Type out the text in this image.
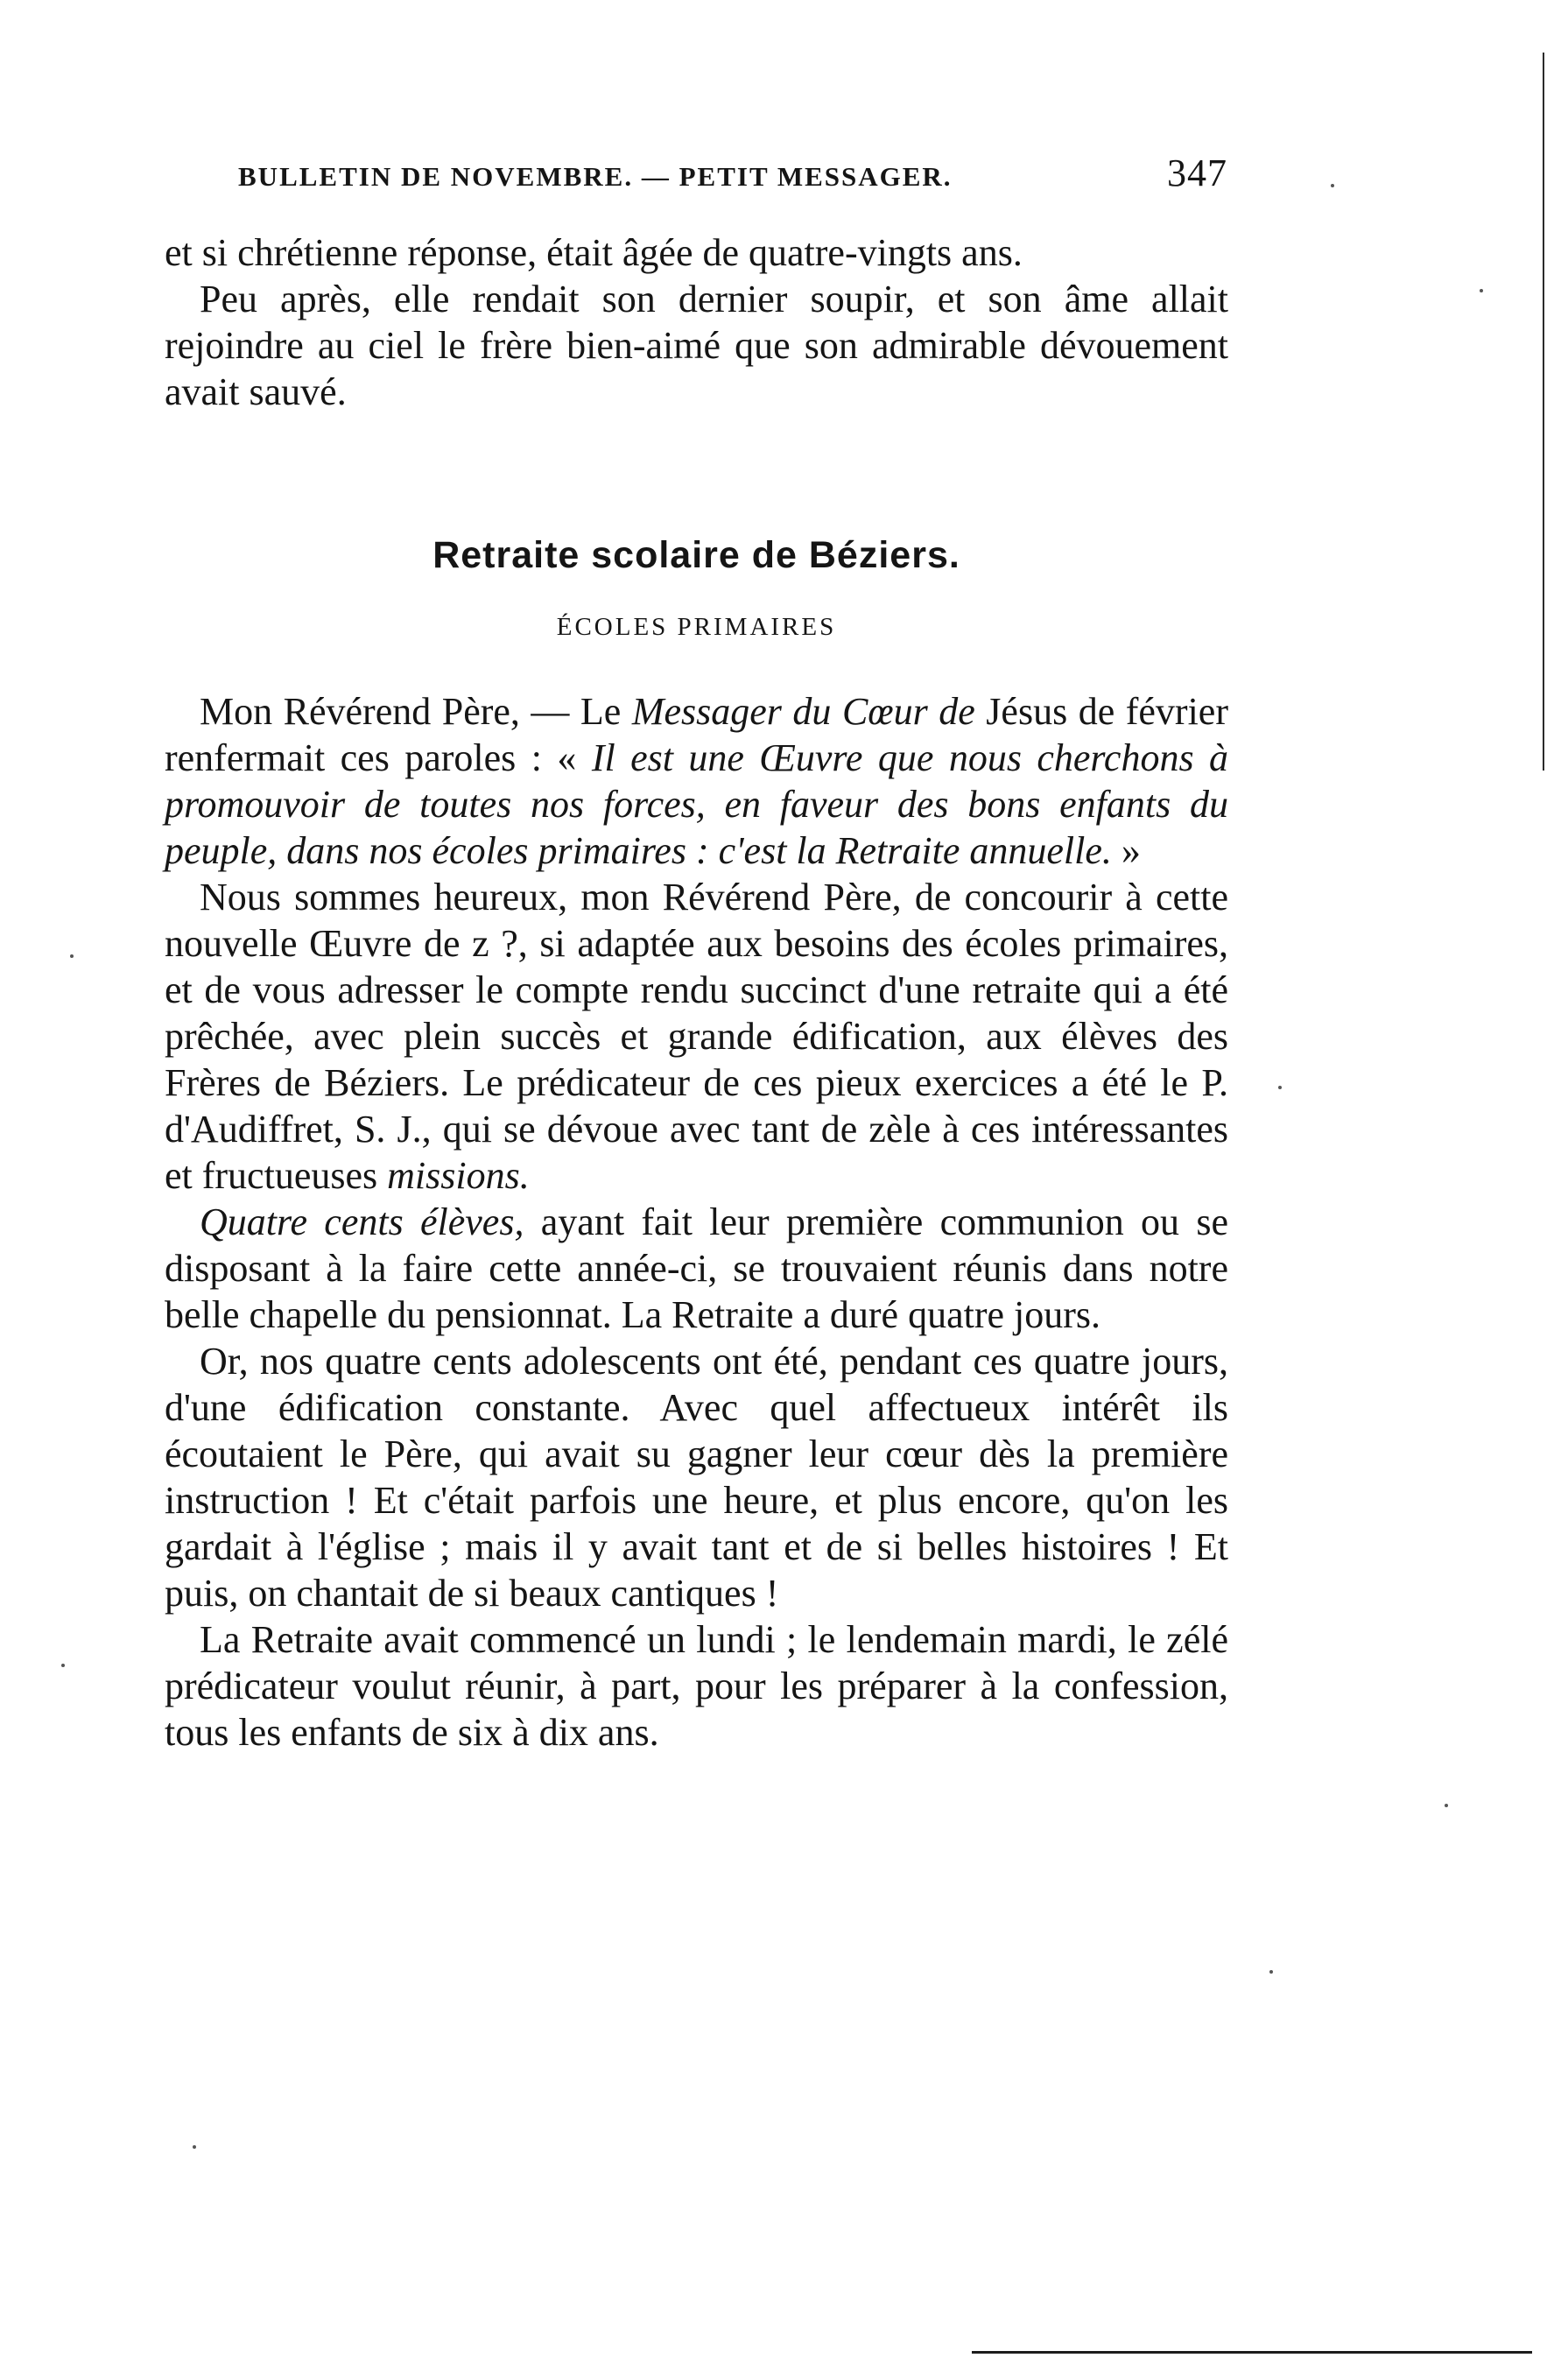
BULLETIN DE NOVEMBRE. — PETIT MESSAGER.	347

et si chrétienne réponse, était âgée de quatre-vingts ans.

Peu après, elle rendait son dernier soupir, et son âme allait rejoindre au ciel le frère bien-aimé que son admirable dévouement avait sauvé.

Retraite scolaire de Béziers.
ÉCOLES PRIMAIRES

Mon Révérend Père, — Le Messager du Cœur de Jésus de février renfermait ces paroles : « Il est une Œuvre que nous cherchons à promouvoir de toutes nos forces, en faveur des bons enfants du peuple, dans nos écoles primaires : c'est la Retraite annuelle. »

Nous sommes heureux, mon Révérend Père, de concourir à cette nouvelle Œuvre de z ?, si adaptée aux besoins des écoles primaires, et de vous adresser le compte rendu succinct d'une retraite qui a été prêchée, avec plein succès et grande édification, aux élèves des Frères de Béziers. Le prédicateur de ces pieux exercices a été le P. d'Audiffret, S. J., qui se dévoue avec tant de zèle à ces intéressantes et fructueuses missions.

Quatre cents élèves, ayant fait leur première communion ou se disposant à la faire cette année-ci, se trouvaient réunis dans notre belle chapelle du pensionnat. La Retraite a duré quatre jours.

Or, nos quatre cents adolescents ont été, pendant ces quatre jours, d'une édification constante. Avec quel affectueux intérêt ils écoutaient le Père, qui avait su gagner leur cœur dès la première instruction ! Et c'était parfois une heure, et plus encore, qu'on les gardait à l'église ; mais il y avait tant et de si belles histoires ! Et puis, on chantait de si beaux cantiques !

La Retraite avait commencé un lundi ; le lendemain mardi, le zélé prédicateur voulut réunir, à part, pour les préparer à la confession, tous les enfants de six à dix ans.
